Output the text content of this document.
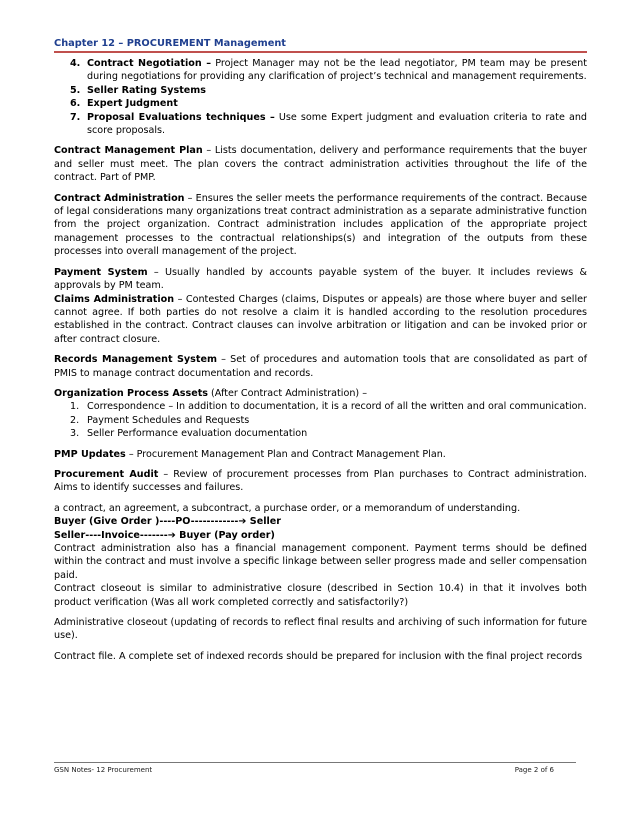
Chapter 12 – PROCUREMENT Management
4. Contract Negotiation – Project Manager may not be the lead negotiator, PM team may be present during negotiations for providing any clarification of project’s technical and management requirements.
5. Seller Rating Systems
6. Expert Judgment
7. Proposal Evaluations techniques – Use some Expert judgment and evaluation criteria to rate and score proposals.

Contract Management Plan – Lists documentation, delivery and performance requirements that the buyer and seller must meet. The plan covers the contract administration activities throughout the life of the contract. Part of PMP.

Contract Administration – Ensures the seller meets the performance requirements of the contract. Because of legal considerations many organizations treat contract administration as a separate administrative function from the project organization. Contract administration includes application of the appropriate project management processes to the contractual relationships(s) and integration of the outputs from these processes into overall management of the project.

Payment System – Usually handled by accounts payable system of the buyer. It includes reviews & approvals by PM team.

Claims Administration – Contested Charges (claims, Disputes or appeals) are those where buyer and seller cannot agree. If both parties do not resolve a claim it is handled according to the resolution procedures established in the contract. Contract clauses can involve arbitration or litigation and can be invoked prior or after contract closure.

Records Management System – Set of procedures and automation tools that are consolidated as part of PMIS to manage contract documentation and records.

Organization Process Assets (After Contract Administration) –

1. Correspondence – In addition to documentation, it is a record of all the written and oral communication.
2. Payment Schedules and Requests
3. Seller Performance evaluation documentation

PMP Updates – Procurement Management Plan and Contract Management Plan.

Procurement Audit – Review of procurement processes from Plan purchases to Contract administration. Aims to identify successes and failures.

a contract, an agreement, a subcontract, a purchase order, or a memorandum of understanding.

Buyer (Give Order )----PO------------➔ Seller

Seller----Invoice-------➔ Buyer (Pay order)

Contract administration also has a financial management component. Payment terms should be defined within the contract and must involve a specific linkage between seller progress made and seller compensation paid.

Contract closeout is similar to administrative closure (described in Section 10.4) in that it involves both product verification (Was all work completed correctly and satisfactorily?)

Administrative closeout (updating of records to reflect final results and archiving of such information for future use).

Contract file. A complete set of indexed records should be prepared for inclusion with the final project records

GSN Notes- 12 Procurement	Page 2 of 6
